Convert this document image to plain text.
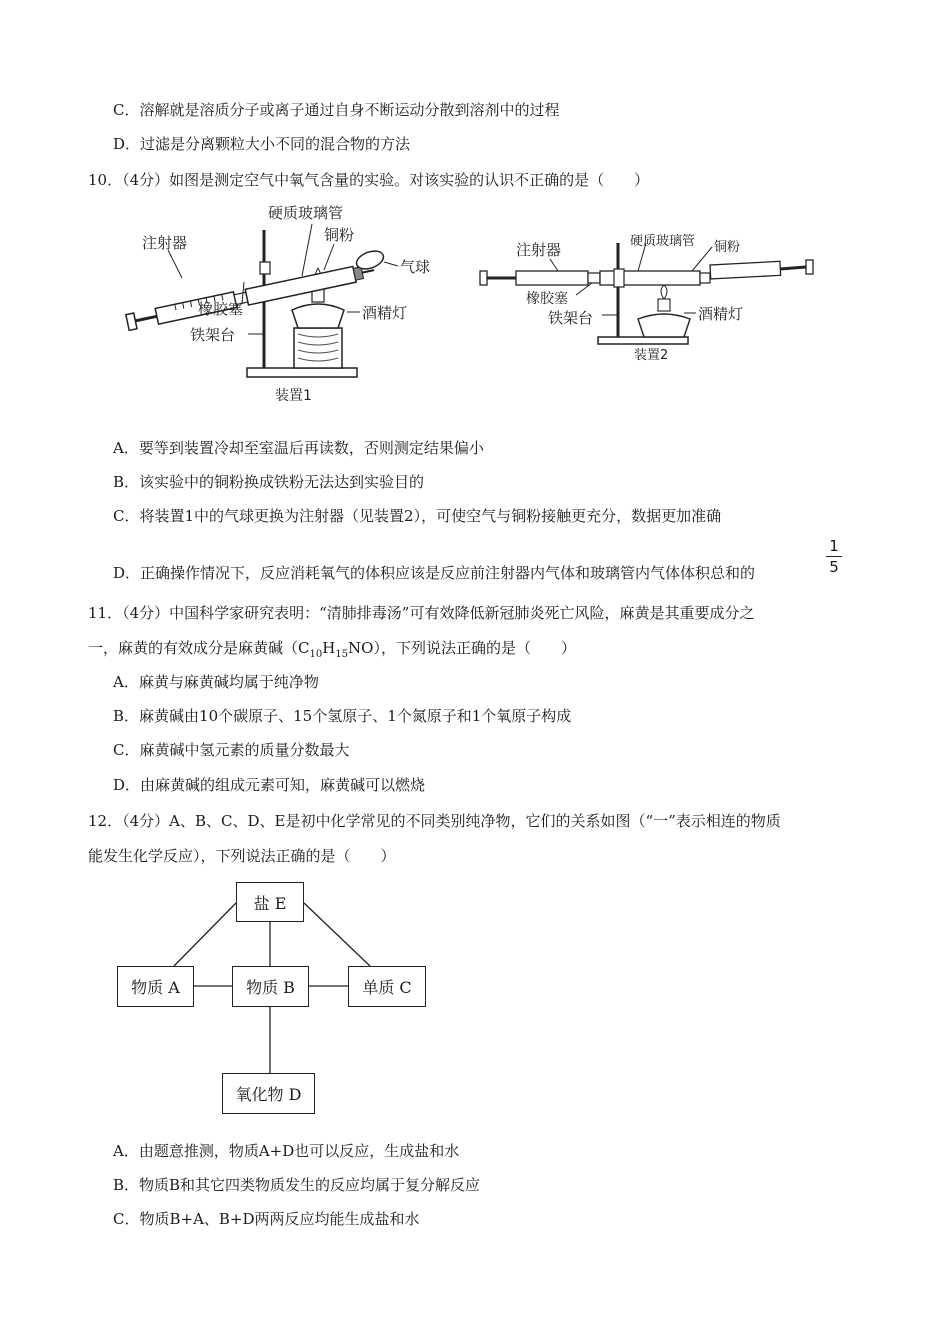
C．溶解就是溶质分子或离子通过自身不断运动分散到溶剂中的过程
D．过滤是分离颗粒大小不同的混合物的方法
10．（4分）如图是测定空气中氧气含量的实验。对该实验的认识不正确的是（　　）
硬质玻璃管
注射器	铜粉
气球
橡胶塞	酒精灯
铁架台
装置1
注射器	硬质玻璃管 铜粉
橡胶塞
铁架台	酒精灯
装置2
A．要等到装置冷却至室温后再读数，否则测定结果偏小
B．该实验中的铜粉换成铁粉无法达到实验目的
C．将装置1中的气球更换为注射器（见装置2），可使空气与铜粉接触更充分，数据更加准确
D．正确操作情况下，反应消耗氧气的体积应该是反应前注射器内气体和玻璃管内气体体积总和的
1
5
11．（4分）中国科学家研究表明：“清肺排毒汤”可有效降低新冠肺炎死亡风险，麻黄是其重要成分之
一，麻黄的有效成分是麻黄碱$(C_{10}H_{15}NO)$，下列说法正确的是（　　）
A．麻黄与麻黄碱均属于纯净物
B．麻黄碱由10个碳原子、15个氢原子、1个氮原子和1个氧原子构成
C．麻黄碱中氢元素的质量分数最大
D．由麻黄碱的组成元素可知，麻黄碱可以燃烧
12．（4分）A、B、C、D、E是初中化学常见的不同类别纯净物，它们的关系如图（“一”表示相连的物质
能发生化学反应），下列说法正确的是（　　）
盐 E
物质 A	物质 B	单质 C
氧化物 D
A．由题意推测，物质A+D也可以反应，生成盐和水
B．物质B和其它四类物质发生的反应均属于复分解反应
C．物质B+A、B+D两两反应均能生成盐和水
